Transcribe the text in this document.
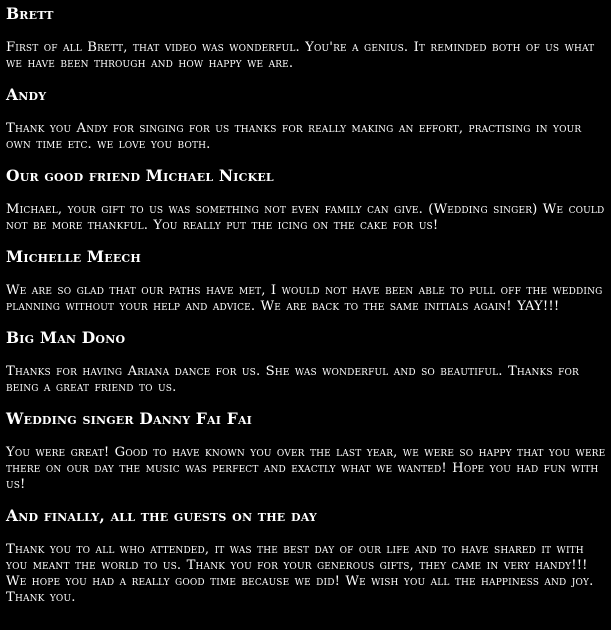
Brett

First of all Brett, that video was wonderful. You're a genius. It reminded both of us what we have been through and how happy we are.

Andy

Thank you Andy for singing for us thanks for really making an effort, practising in your own time etc. we love you both.

Our good friend Michael Nickel

Michael, your gift to us was something not even family can give. (Wedding singer) We could not be more thankful. You really put the icing on the cake for us!

Michelle Meech

We are so glad that our paths have met, I would not have been able to pull off the wedding planning without your help and advice. We are back to the same initials again! YAY!!!

Big Man Dono

Thanks for having Ariana dance for us. She was wonderful and so beautiful. Thanks for being a great friend to us.

Wedding singer Danny Fai Fai

You were great! Good to have known you over the last year, we were so happy that you were there on our day the music was perfect and exactly what we wanted! Hope you had fun with us!

And finally, all the guests on the day

Thank you to all who attended, it was the best day of our life and to have shared it with you meant the world to us. Thank you for your generous gifts, they came in very handy!!! We hope you had a really good time because we did! We wish you all the happiness and joy. Thank you.
